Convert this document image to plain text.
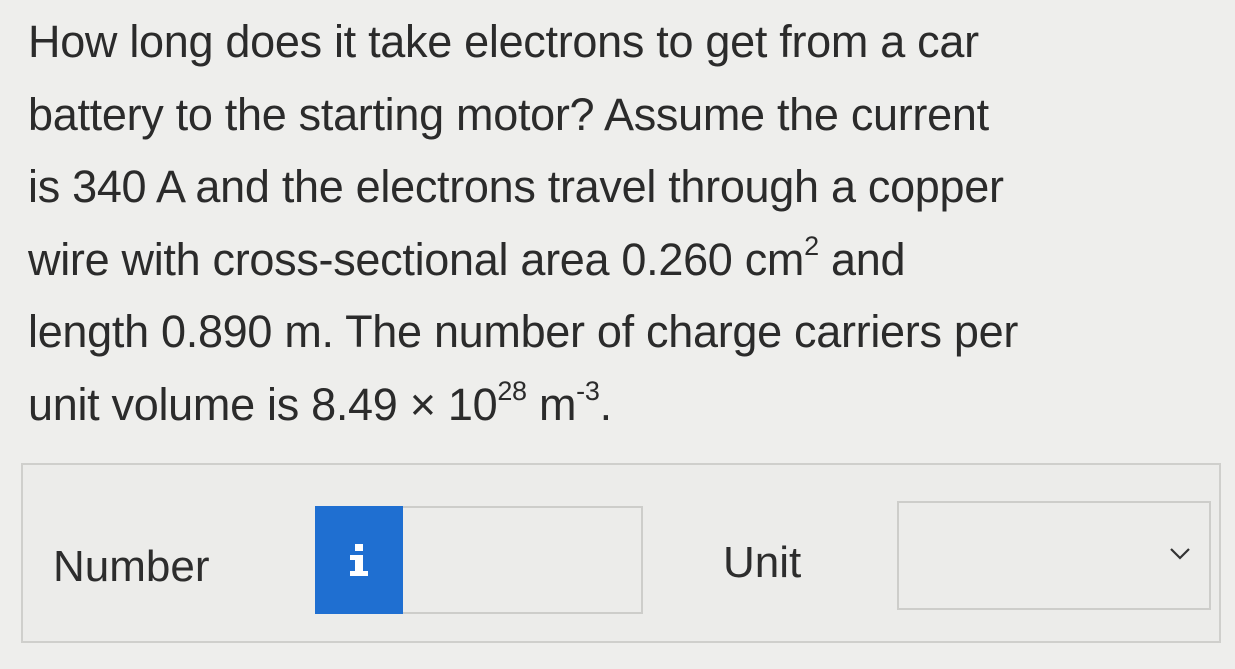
How long does it take electrons to get from a car
battery to the starting motor? Assume the current
is 340 A and the electrons travel through a copper
wire with cross-sectional area 0.260 $cm^2$ and
length 0.890 m. The number of charge carriers per
unit volume is $8.49 \times 10^{28}$ $m^{-3}$.
Number	Unit
